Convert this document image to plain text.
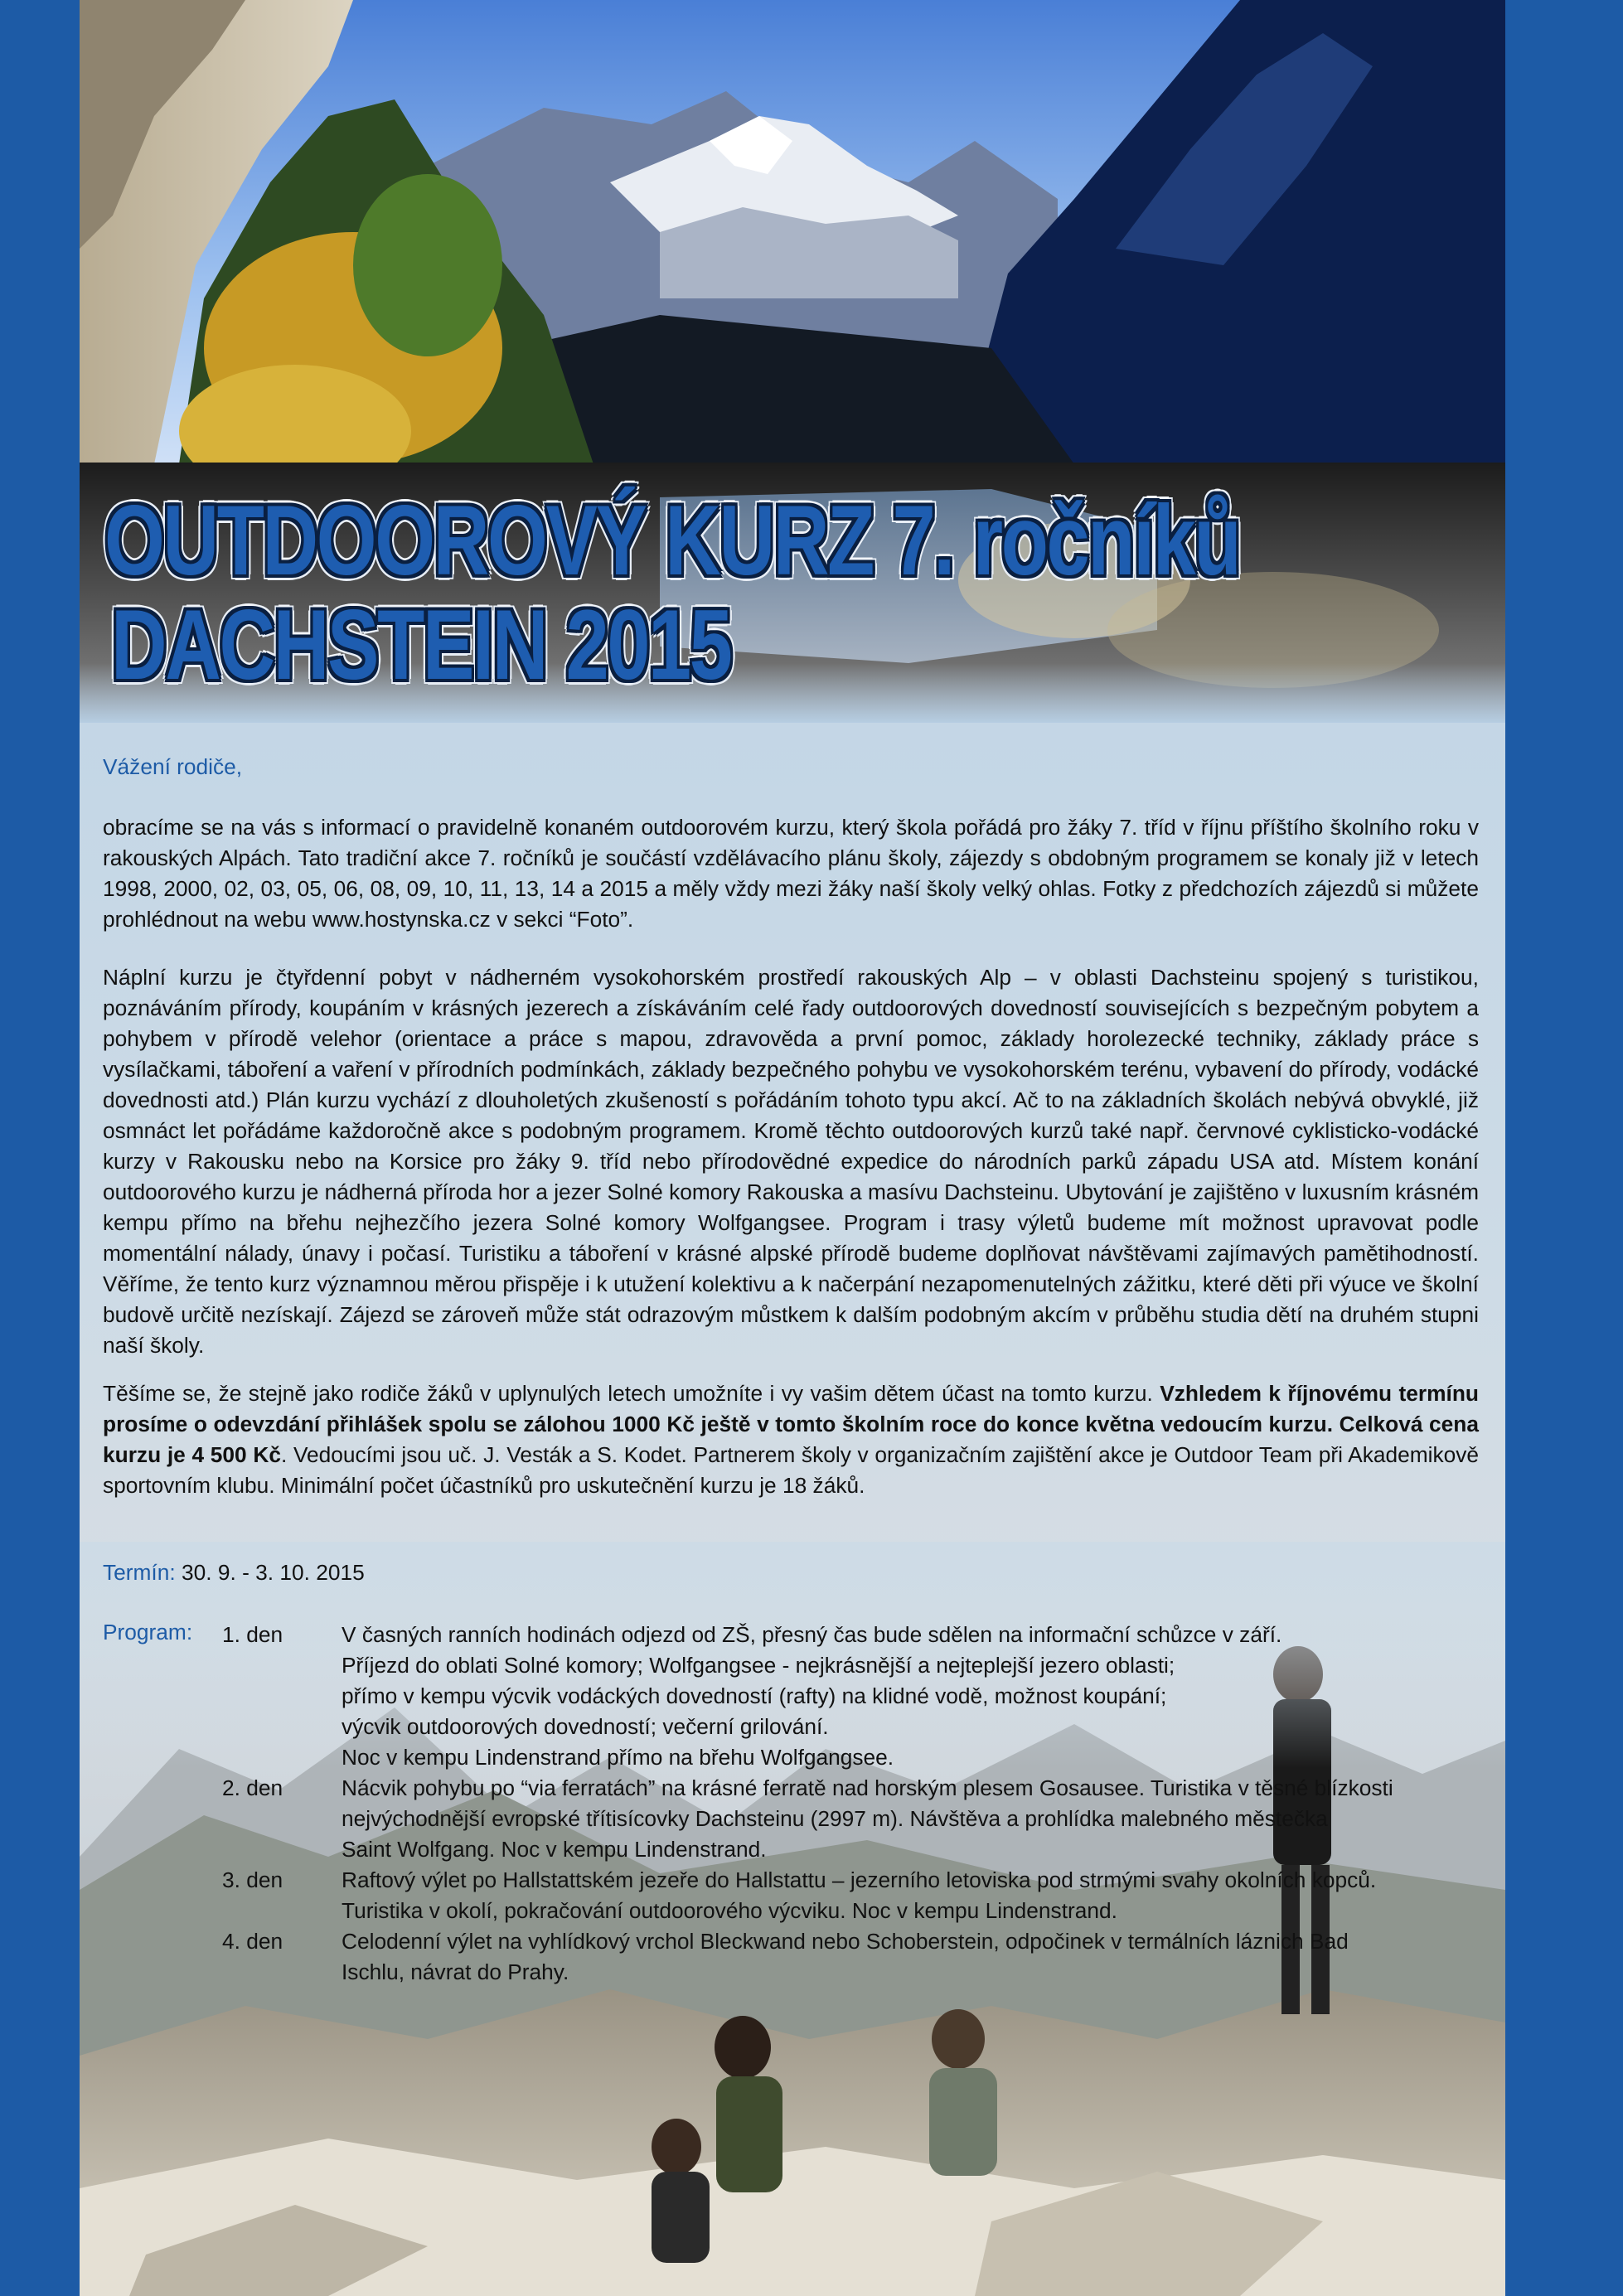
OUTDOOROVÝ KURZ 7. ročníků
DACHSTEIN 2015

Vážení rodiče,

obracíme se na vás s informací o pravidelně konaném outdoorovém kurzu, který škola pořádá pro žáky 7. tříd v říjnu příštího školního roku v rakouských Alpách. Tato tradiční akce 7. ročníků je součástí vzdělávacího plánu školy, zájezdy s obdobným programem se konaly již v letech 1998, 2000, 02, 03, 05, 06, 08, 09, 10, 11, 13, 14 a 2015 a měly vždy mezi žáky naší školy velký ohlas. Fotky z předchozích zájezdů si můžete prohlédnout na webu www.hostynska.cz v sekci “Foto”.

Náplní kurzu je čtyřdenní pobyt v nádherném vysokohorském prostředí rakouských Alp – v oblasti Dachsteinu spojený s turistikou, poznáváním přírody, koupáním v krásných jezerech a získáváním celé řady outdoorových dovedností souvisejících s bezpečným pobytem a pohybem v přírodě velehor (orientace a práce s mapou, zdravověda a první pomoc, základy horolezecké techniky, základy práce s vysílačkami, táboření a vaření v přírodních podmínkách, základy bezpečného pohybu ve vysokohorském terénu, vybavení do přírody, vodácké dovednosti atd.) Plán kurzu vychází z dlouholetých zkušeností s pořádáním tohoto typu akcí. Ač to na základních školách nebývá obvyklé, již osmnáct let pořádáme každoročně akce s podobným programem. Kromě těchto outdoorových kurzů také např. červnové cyklisticko-vodácké kurzy v Rakousku nebo na Korsice pro žáky 9. tříd nebo přírodovědné expedice do národních parků západu USA atd. Místem konání outdoorového kurzu je nádherná příroda hor a jezer Solné komory Rakouska a masívu Dachsteinu. Ubytování je zajištěno v luxusním krásném kempu přímo na břehu nejhezčího jezera Solné komory Wolfgangsee. Program i trasy výletů budeme mít možnost upravovat podle momentální nálady, únavy i počasí. Turistiku a táboření v krásné alpské přírodě budeme doplňovat návštěvami zajímavých pamětihodností. Věříme, že tento kurz významnou měrou přispěje i k utužení kolektivu a k načerpání nezapomenutelných zážitku, které děti při výuce ve školní budově určitě nezískají. Zájezd se zároveň může stát odrazovým můstkem k dalším podobným akcím v průběhu studia dětí na druhém stupni naší školy.

Těšíme se, že stejně jako rodiče žáků v uplynulých letech umožníte i vy vašim dětem účast na tomto kurzu. Vzhledem k říjnovému termínu prosíme o odevzdání přihlášek spolu se zálohou 1000 Kč ještě v tomto školním roce do konce května vedoucím kurzu. Celková cena kurzu je 4 500 Kč. Vedoucími jsou uč. J. Vesták a S. Kodet. Partnerem školy v organizačním zajištění akce je Outdoor Team při Akademikově sportovním klubu. Minimální počet účastníků pro uskutečnění kurzu je 18 žáků.

Termín: 30. 9. - 3. 10. 2015

Program: 1. den	V časných ranních hodinách odjezd od ZŠ, přesný čas bude sdělen na informační schůzce v září.
Příjezd do oblati Solné komory; Wolfgangsee - nejkrásnější a nejteplejší jezero oblasti;
přímo v kempu výcvik vodáckých dovedností (rafty) na klidné vodě, možnost koupání;
výcvik outdoorových dovedností; večerní grilování.
Noc v kempu Lindenstrand přímo na břehu Wolfgangsee.

2. den	Nácvik pohybu po “via ferratách” na krásné ferratě nad horským plesem Gosausee. Turistika v těsné blízkosti
nejvýchodnější evropské třítisícovky Dachsteinu (2997 m). Návštěva a prohlídka malebného městečka
Saint Wolfgang. Noc v kempu Lindenstrand.

3. den	Raftový výlet po Hallstattském jezeře do Hallstattu – jezerního letoviska pod strmými svahy okolních kopců.
Turistika v okolí, pokračování outdoorového výcviku. Noc v kempu Lindenstrand.

4. den	Celodenní výlet na vyhlídkový vrchol Bleckwand nebo Schoberstein, odpočinek v termálních láznich Bad
Ischlu, návrat do Prahy.
